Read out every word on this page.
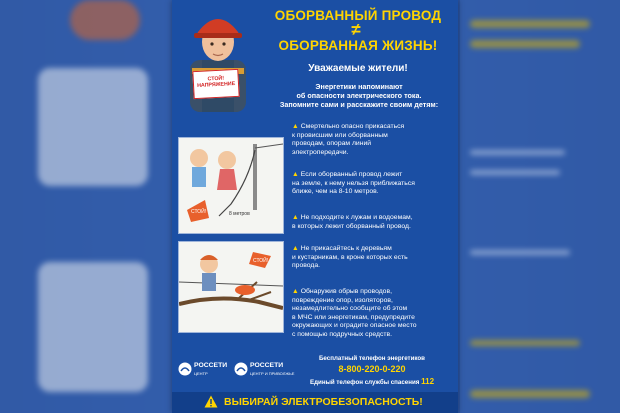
СТОЙ!
НАПРЯЖЕНИЕ
ОБОРВАННЫЙ ПРОВОД
≠
ОБОРВАННАЯ ЖИЗНЬ!
Уважаемые жители!
Энергетики напоминают
об опасности электрического тока.
Запомните сами и расскажите своим детям:
СТОЙ!	8 метров
СТОЙ!
▲ Смертельно опасно прикасаться
к провисшим или оборванным
проводам, опорам линий
электропередачи.
▲ Если оборванный провод лежит
на земле, к нему нельзя приближаться
ближе, чем на 8-10 метров.
▲ Не подходите к лужам и водоемам,
в которых лежит оборванный провод.
▲ Не прикасайтесь к деревьям
и кустарникам, в кроне которых есть
провода.
▲ Обнаружив обрыв проводов,
повреждение опор, изоляторов,
незамедлительно сообщите об этом
в МЧС или энергетикам, предупредите
окружающих и оградите опасное место
с помощью подручных средств.
РОССЕТИ
ЦЕНТР
РОССЕТИ
ЦЕНТР И ПРИВОЛЖЬЕ
Бесплатный телефон энергетиков
8-800-220-0-220
Единый телефон службы спасения 112
ВЫБИРАЙ ЭЛЕКТРОБЕЗОПАСНОСТЬ!
